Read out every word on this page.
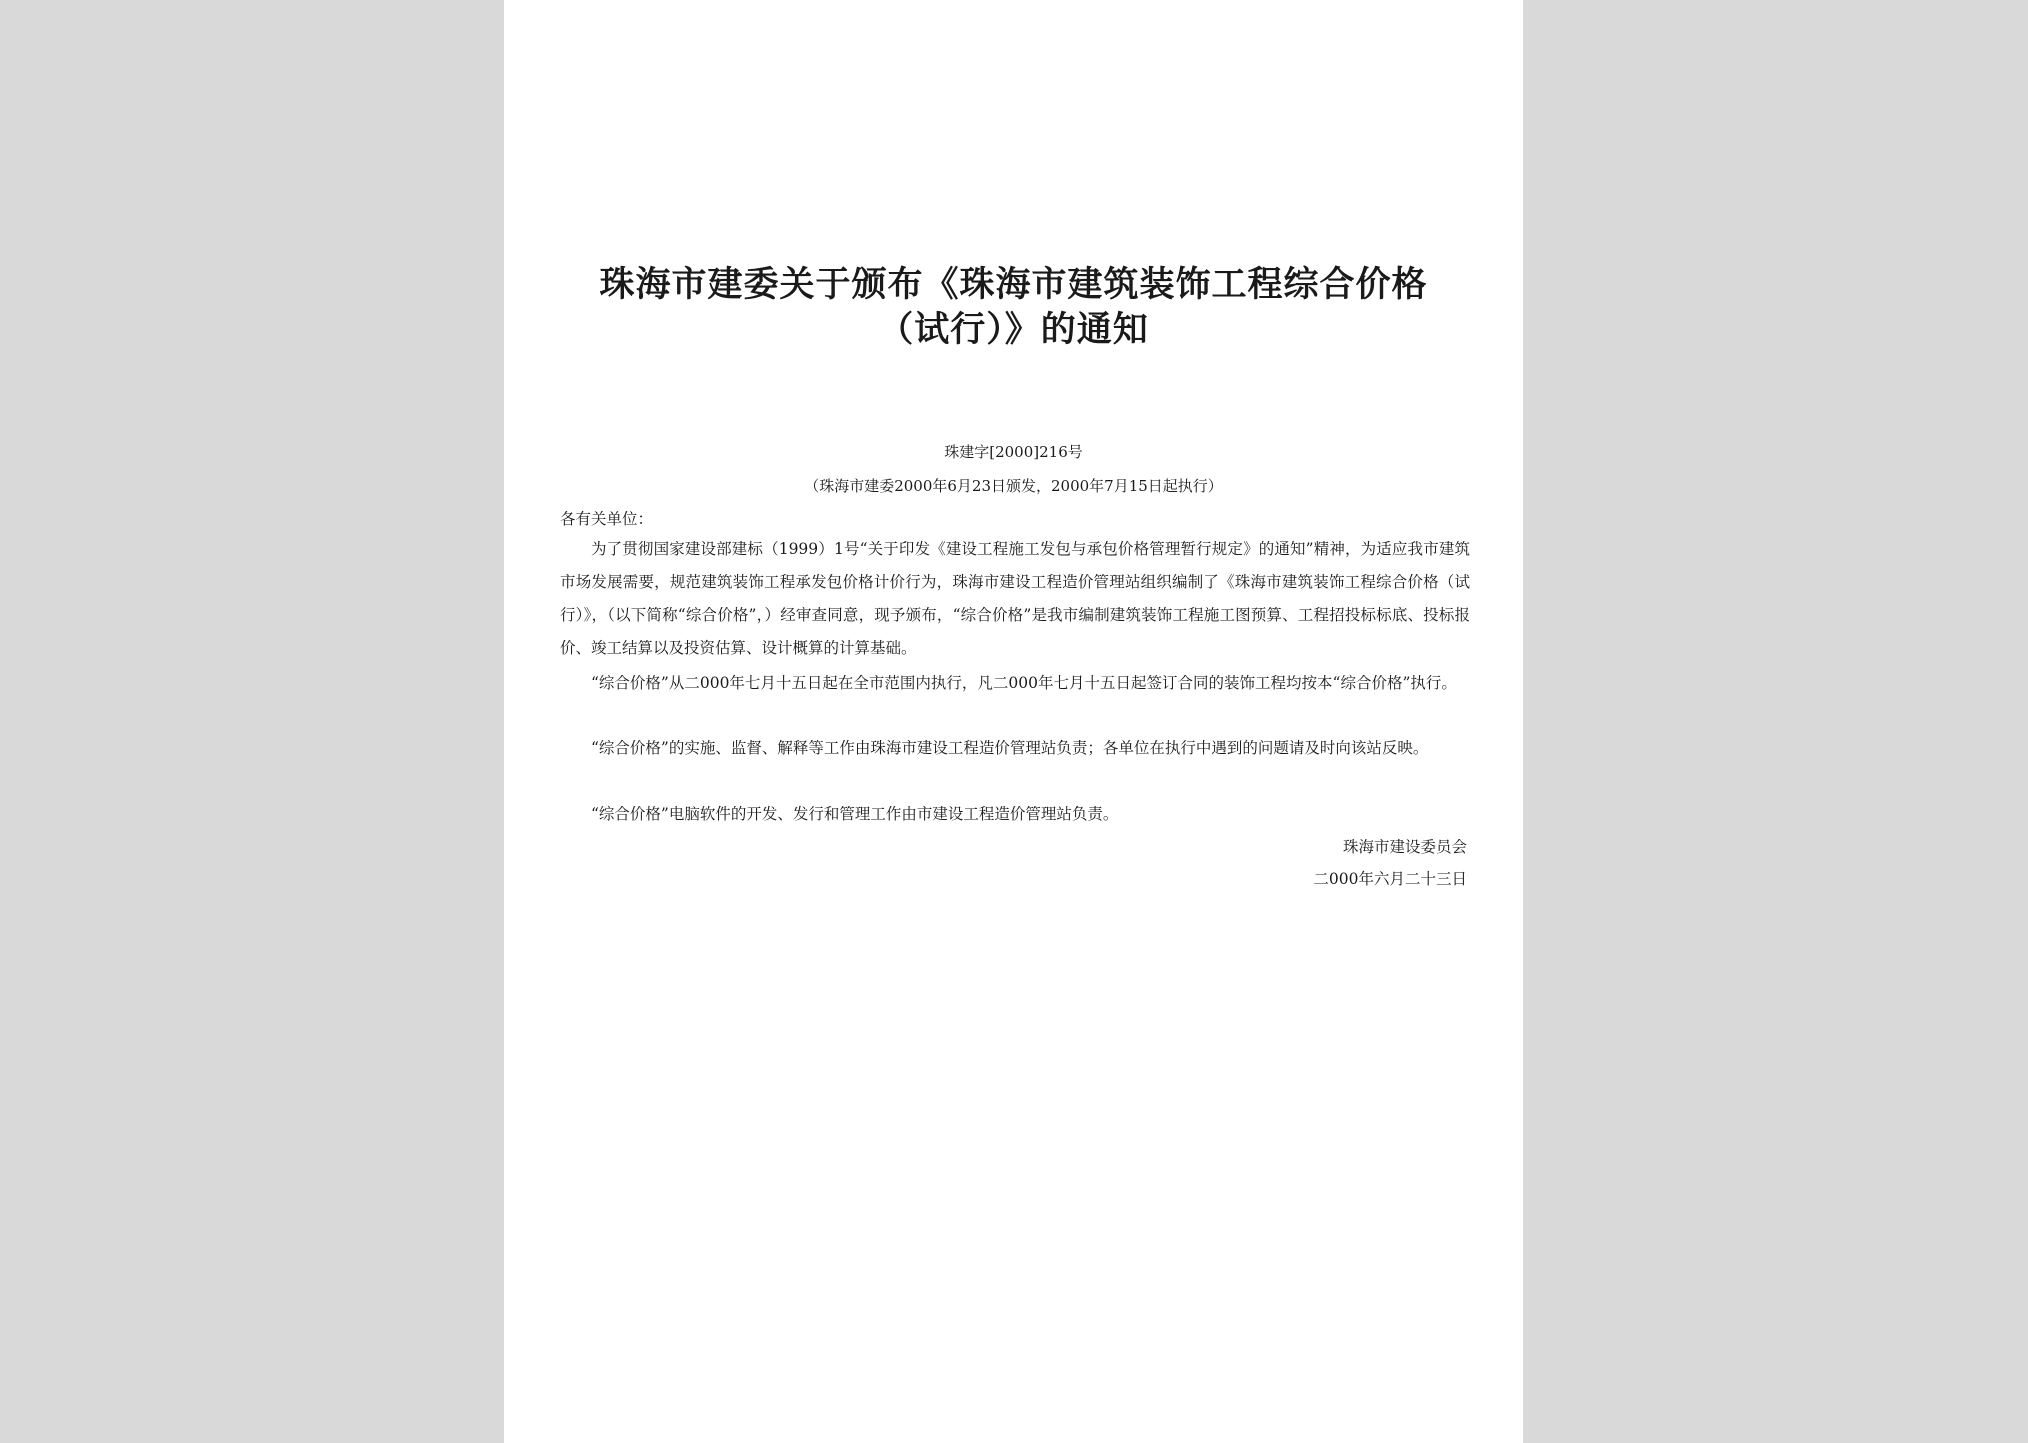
珠海市建委关于颁布《珠海市建筑装饰工程综合价格
（试行）》的通知
珠建字[2000]216号
（珠海市建委2000年6月23日颁发，2000年7月15日起执行）
各有关单位：

为了贯彻国家建设部建标（1999）1号“关于印发《建设工程施工发包与承包价格管理暂行规定》的通知”精神，为适应我市建筑市场发展需要，规范建筑装饰工程承发包价格计价行为，珠海市建设工程造价管理站组织编制了《珠海市建筑装饰工程综合价格（试行）》，（以下简称“综合价格”，）经审查同意，现予颁布，“综合价格”是我市编制建筑装饰工程施工图预算、工程招投标标底、投标报价、竣工结算以及投资估算、设计概算的计算基础。

“综合价格”从二000年七月十五日起在全市范围内执行，凡二000年七月十五日起签订合同的装饰工程均按本“综合价格”执行。

“综合价格”的实施、监督、解释等工作由珠海市建设工程造价管理站负责；各单位在执行中遇到的问题请及时向该站反映。

“综合价格”电脑软件的开发、发行和管理工作由市建设工程造价管理站负责。

珠海市建设委员会
二000年六月二十三日
